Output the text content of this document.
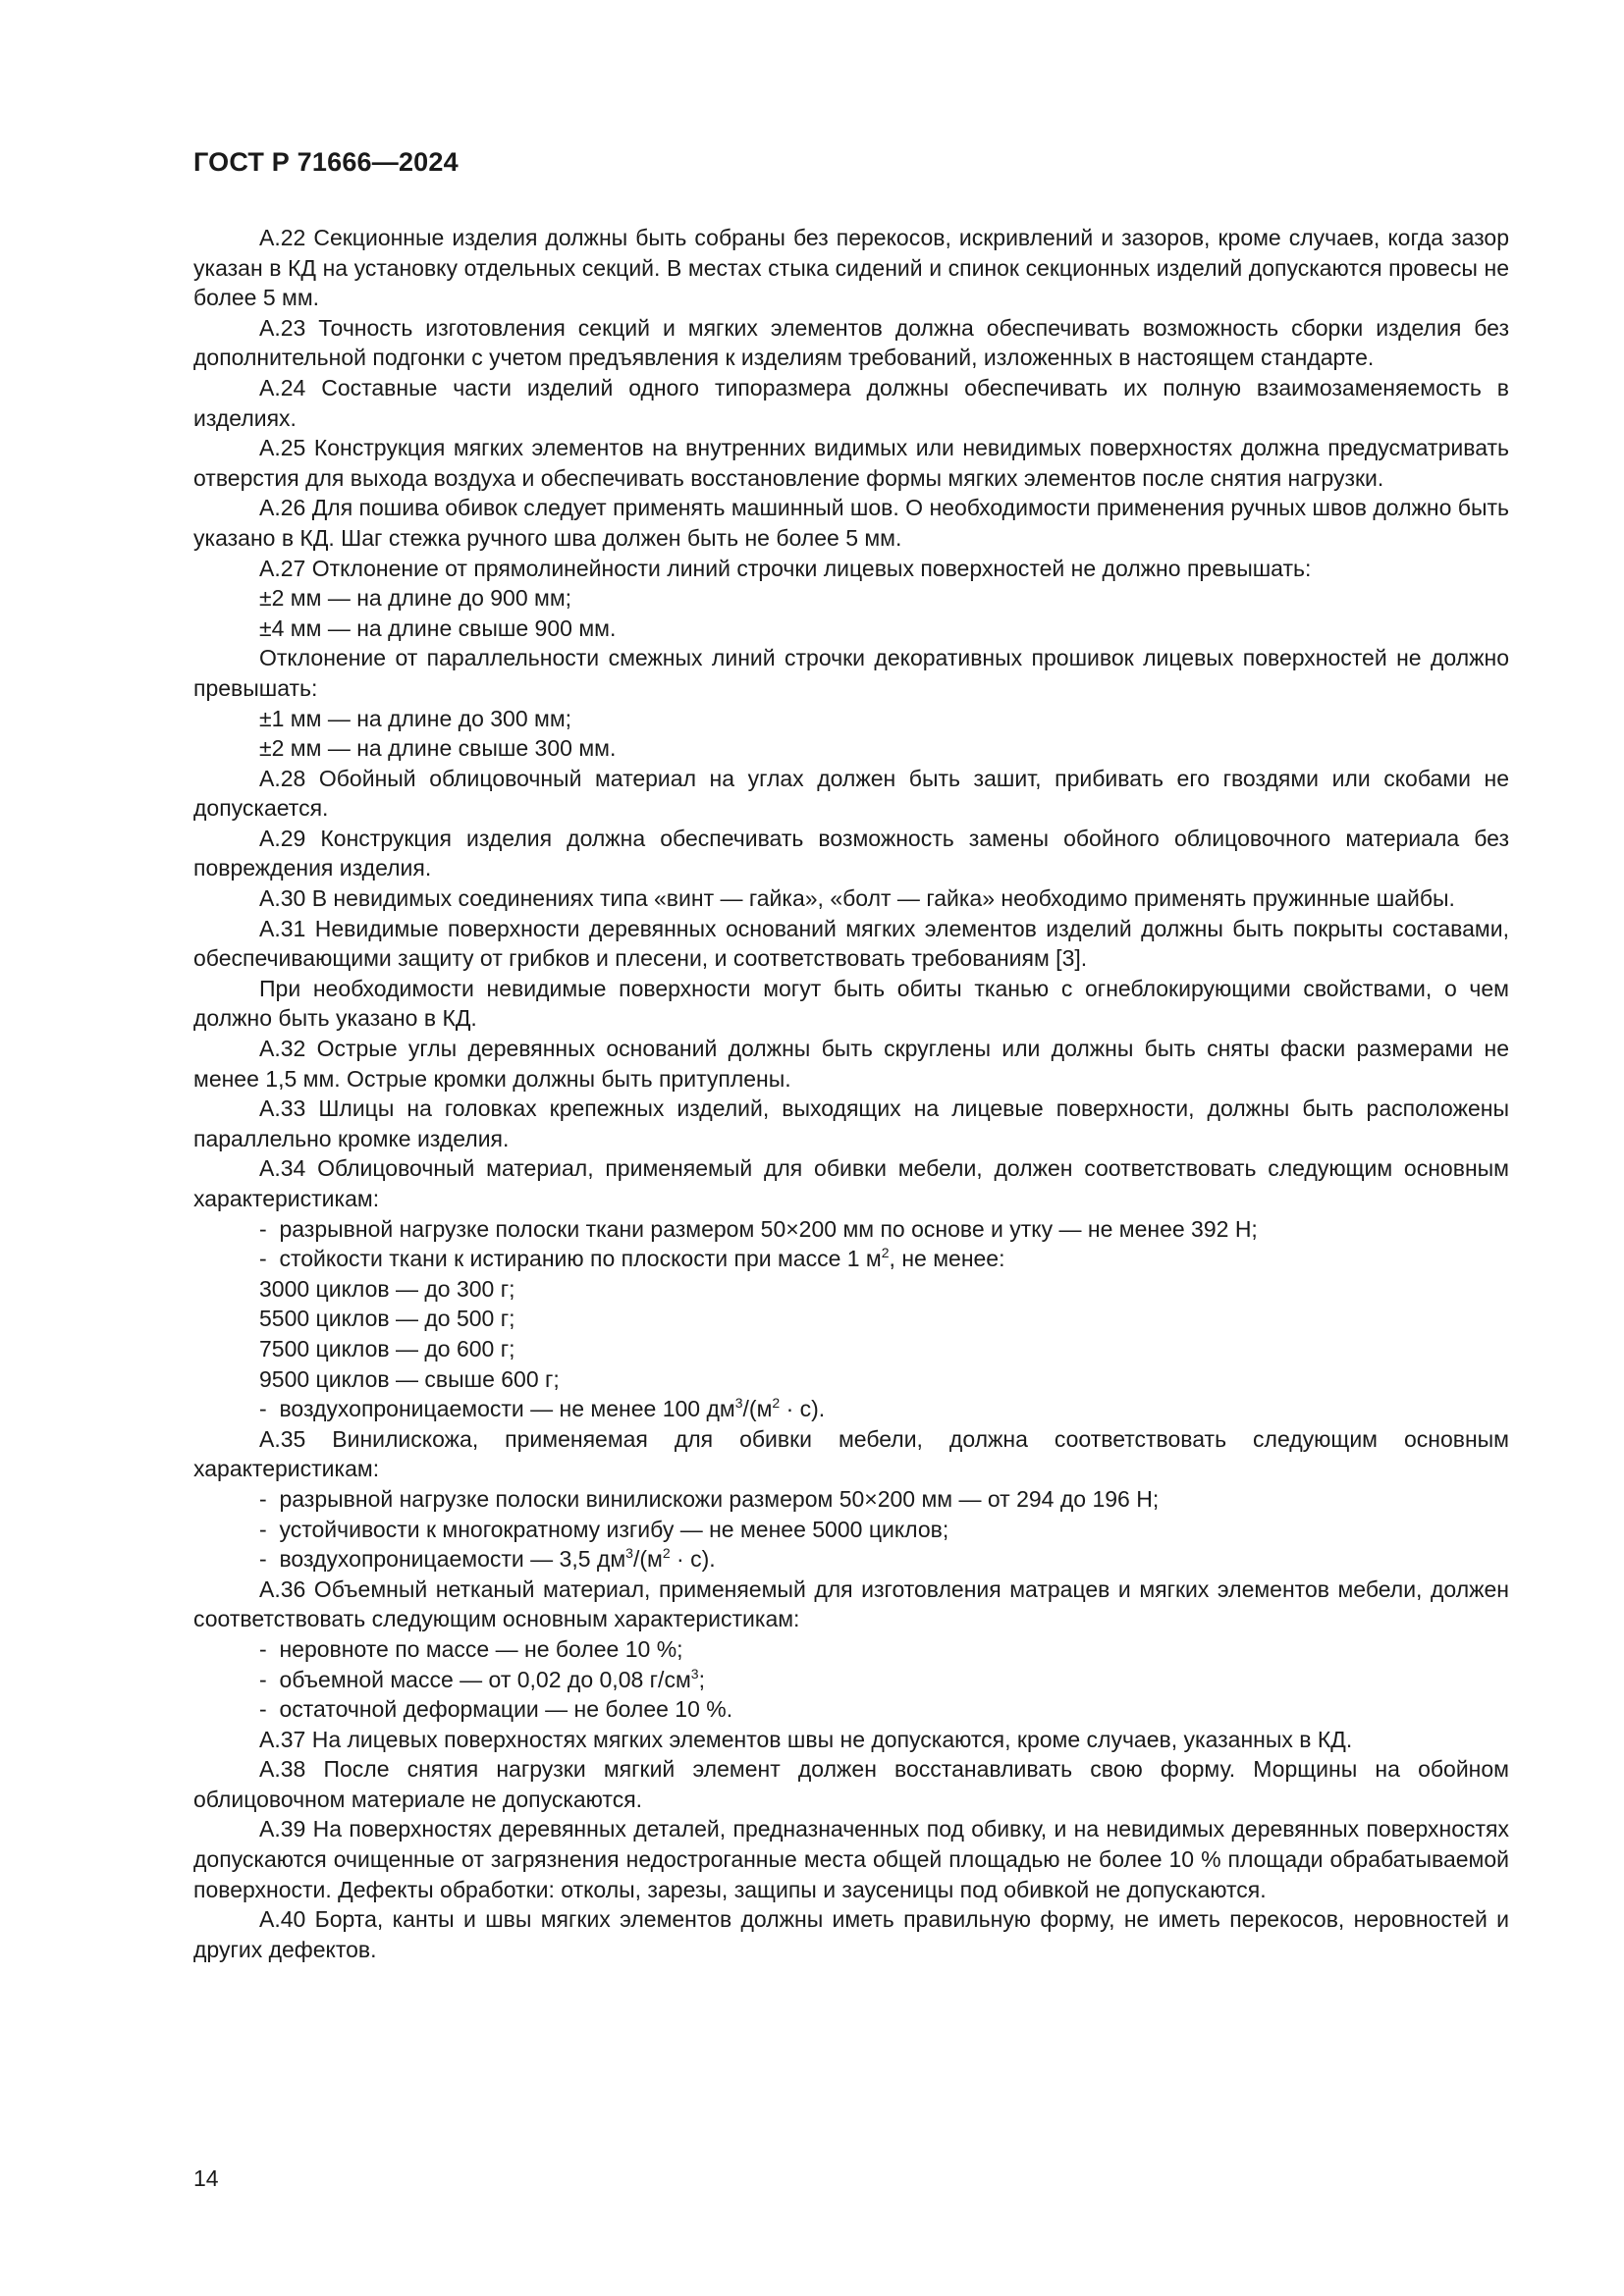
ГОСТ Р 71666—2024

А.22 Секционные изделия должны быть собраны без перекосов, искривлений и зазоров, кроме случаев, когда зазор указан в КД на установку отдельных секций. В местах стыка сидений и спинок секционных изделий допускаются провесы не более 5 мм.

А.23 Точность изготовления секций и мягких элементов должна обеспечивать возможность сборки изделия без дополнительной подгонки с учетом предъявления к изделиям требований, изложенных в настоящем стандарте.

А.24 Составные части изделий одного типоразмера должны обеспечивать их полную взаимозаменяемость в изделиях.

А.25 Конструкция мягких элементов на внутренних видимых или невидимых поверхностях должна предусматривать отверстия для выхода воздуха и обеспечивать восстановление формы мягких элементов после снятия нагрузки.

А.26 Для пошива обивок следует применять машинный шов. О необходимости применения ручных швов должно быть указано в КД. Шаг стежка ручного шва должен быть не более 5 мм.

А.27 Отклонение от прямолинейности линий строчки лицевых поверхностей не должно превышать:

±2 мм — на длине до 900 мм;

±4 мм — на длине свыше 900 мм.

Отклонение от параллельности смежных линий строчки декоративных прошивок лицевых поверхностей не должно превышать:

±1 мм — на длине до 300 мм;

±2 мм — на длине свыше 300 мм.

А.28 Обойный облицовочный материал на углах должен быть зашит, прибивать его гвоздями или скобами не допускается.

А.29 Конструкция изделия должна обеспечивать возможность замены обойного облицовочного материала без повреждения изделия.

А.30 В невидимых соединениях типа «винт — гайка», «болт — гайка» необходимо применять пружинные шайбы.

А.31 Невидимые поверхности деревянных оснований мягких элементов изделий должны быть покрыты составами, обеспечивающими защиту от грибков и плесени, и соответствовать требованиям [3].

При необходимости невидимые поверхности могут быть обиты тканью с огнеблокирующими свойствами, о чем должно быть указано в КД.

А.32 Острые углы деревянных оснований должны быть скруглены или должны быть сняты фаски размерами не менее 1,5 мм. Острые кромки должны быть притуплены.

А.33 Шлицы на головках крепежных изделий, выходящих на лицевые поверхности, должны быть расположены параллельно кромке изделия.

А.34 Облицовочный материал, применяемый для обивки мебели, должен соответствовать следующим основным характеристикам:

-  разрывной нагрузке полоски ткани размером 50×200 мм по основе и утку — не менее 392 Н;

-  стойкости ткани к истиранию по плоскости при массе 1 $м^2$, не менее:

3000 циклов — до 300 г;

5500 циклов — до 500 г;

7500 циклов — до 600 г;

9500 циклов — свыше 600 г;

-  воздухопроницаемости — не менее 100 $дм^3/(м^2 \cdot с)$.

А.35 Винилискожа, применяемая для обивки мебели, должна соответствовать следующим основным характеристикам:

-  разрывной нагрузке полоски винилискожи размером 50×200 мм — от 294 до 196 Н;

-  устойчивости к многократному изгибу — не менее 5000 циклов;

-  воздухопроницаемости — 3,5 $дм^3/(м^2 \cdot с)$.

А.36 Объемный нетканый материал, применяемый для изготовления матрацев и мягких элементов мебели, должен соответствовать следующим основным характеристикам:

-  неровноте по массе — не более 10 %;

-  объемной массе — от 0,02 до 0,08 $г/см^3$;

-  остаточной деформации — не более 10 %.

А.37 На лицевых поверхностях мягких элементов швы не допускаются, кроме случаев, указанных в КД.

А.38 После снятия нагрузки мягкий элемент должен восстанавливать свою форму. Морщины на обойном облицовочном материале не допускаются.

А.39 На поверхностях деревянных деталей, предназначенных под обивку, и на невидимых деревянных поверхностях допускаются очищенные от загрязнения недостроганные места общей площадью не более 10 % площади обрабатываемой поверхности. Дефекты обработки: отколы, зарезы, защипы и заусеницы под обивкой не допускаются.

А.40 Борта, канты и швы мягких элементов должны иметь правильную форму, не иметь перекосов, неровностей и других дефектов.

14
